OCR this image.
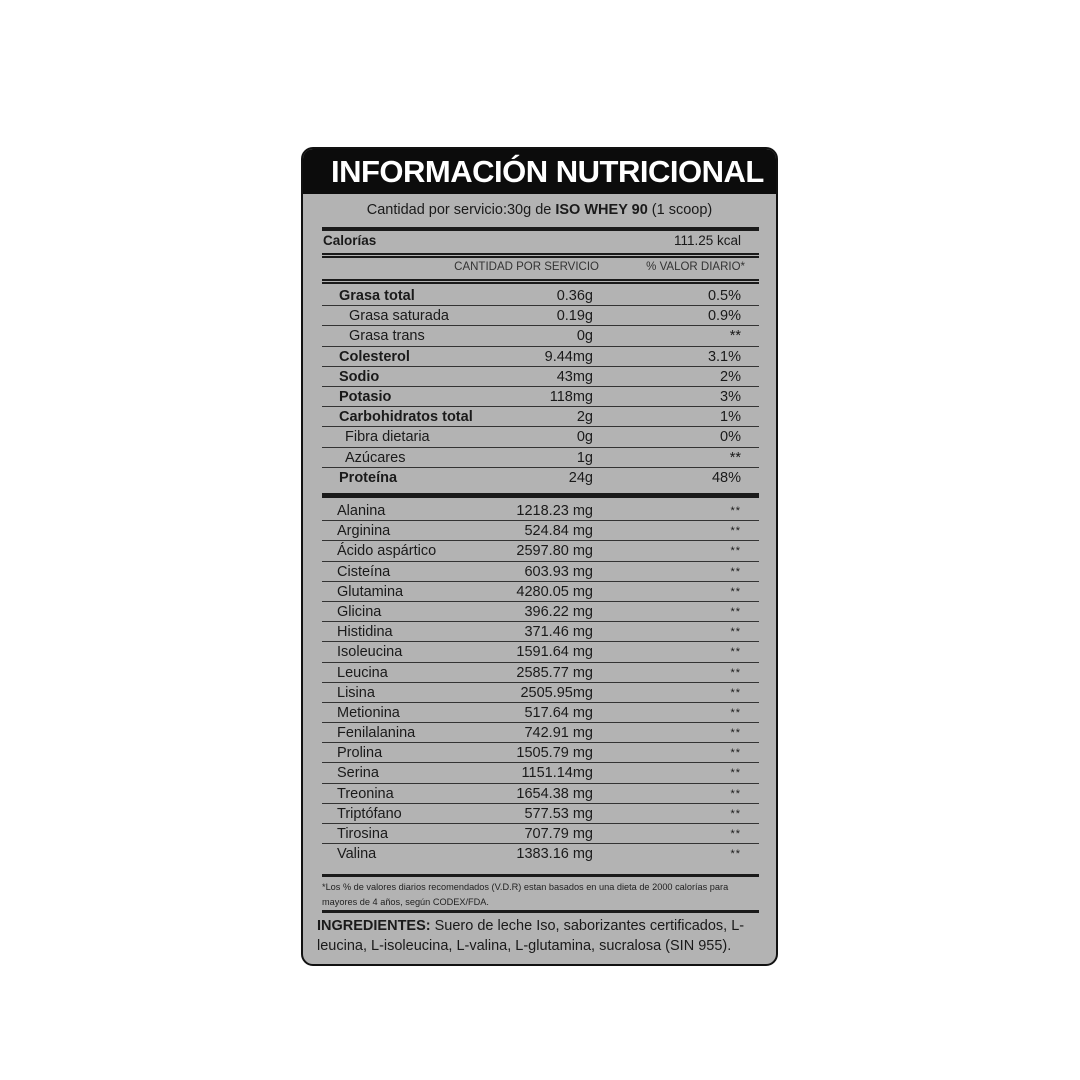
INFORMACIÓN NUTRICIONAL
Cantidad por servicio:30g de ISO WHEY 90 (1 scoop)
Calorías	111.25 kcal
CANTIDAD POR SERVICIO	% VALOR DIARIO*
Grasa total	0.36g	0.5%
Grasa saturada	0.19g	0.9%
Grasa trans	0g	**
Colesterol	9.44mg	3.1%
Sodio	43mg	2%
Potasio	118mg	3%
Carbohidratos total	2g	1%
Fibra dietaria	0g	0%
Azúcares	1g	**
Proteína	24g	48%
Alanina	1218.23 mg	**
Arginina	524.84 mg	**
Ácido aspártico	2597.80 mg	**
Cisteína	603.93 mg	**
Glutamina	4280.05 mg	**
Glicina	396.22 mg	**
Histidina	371.46 mg	**
Isoleucina	1591.64 mg	**
Leucina	2585.77 mg	**
Lisina	2505.95mg	**
Metionina	517.64 mg	**
Fenilalanina	742.91 mg	**
Prolina	1505.79 mg	**
Serina	1151.14mg	**
Treonina	1654.38 mg	**
Triptófano	577.53 mg	**
Tirosina	707.79 mg	**
Valina	1383.16 mg	**
*Los % de valores diarios recomendados (V.D.R) estan basados en una dieta de 2000 calorías para mayores de 4 años, según CODEX/FDA.
INGREDIENTES: Suero de leche Iso, saborizantes certificados, L-leucina, L-isoleucina, L-valina, L-glutamina, sucralosa (SIN 955).
